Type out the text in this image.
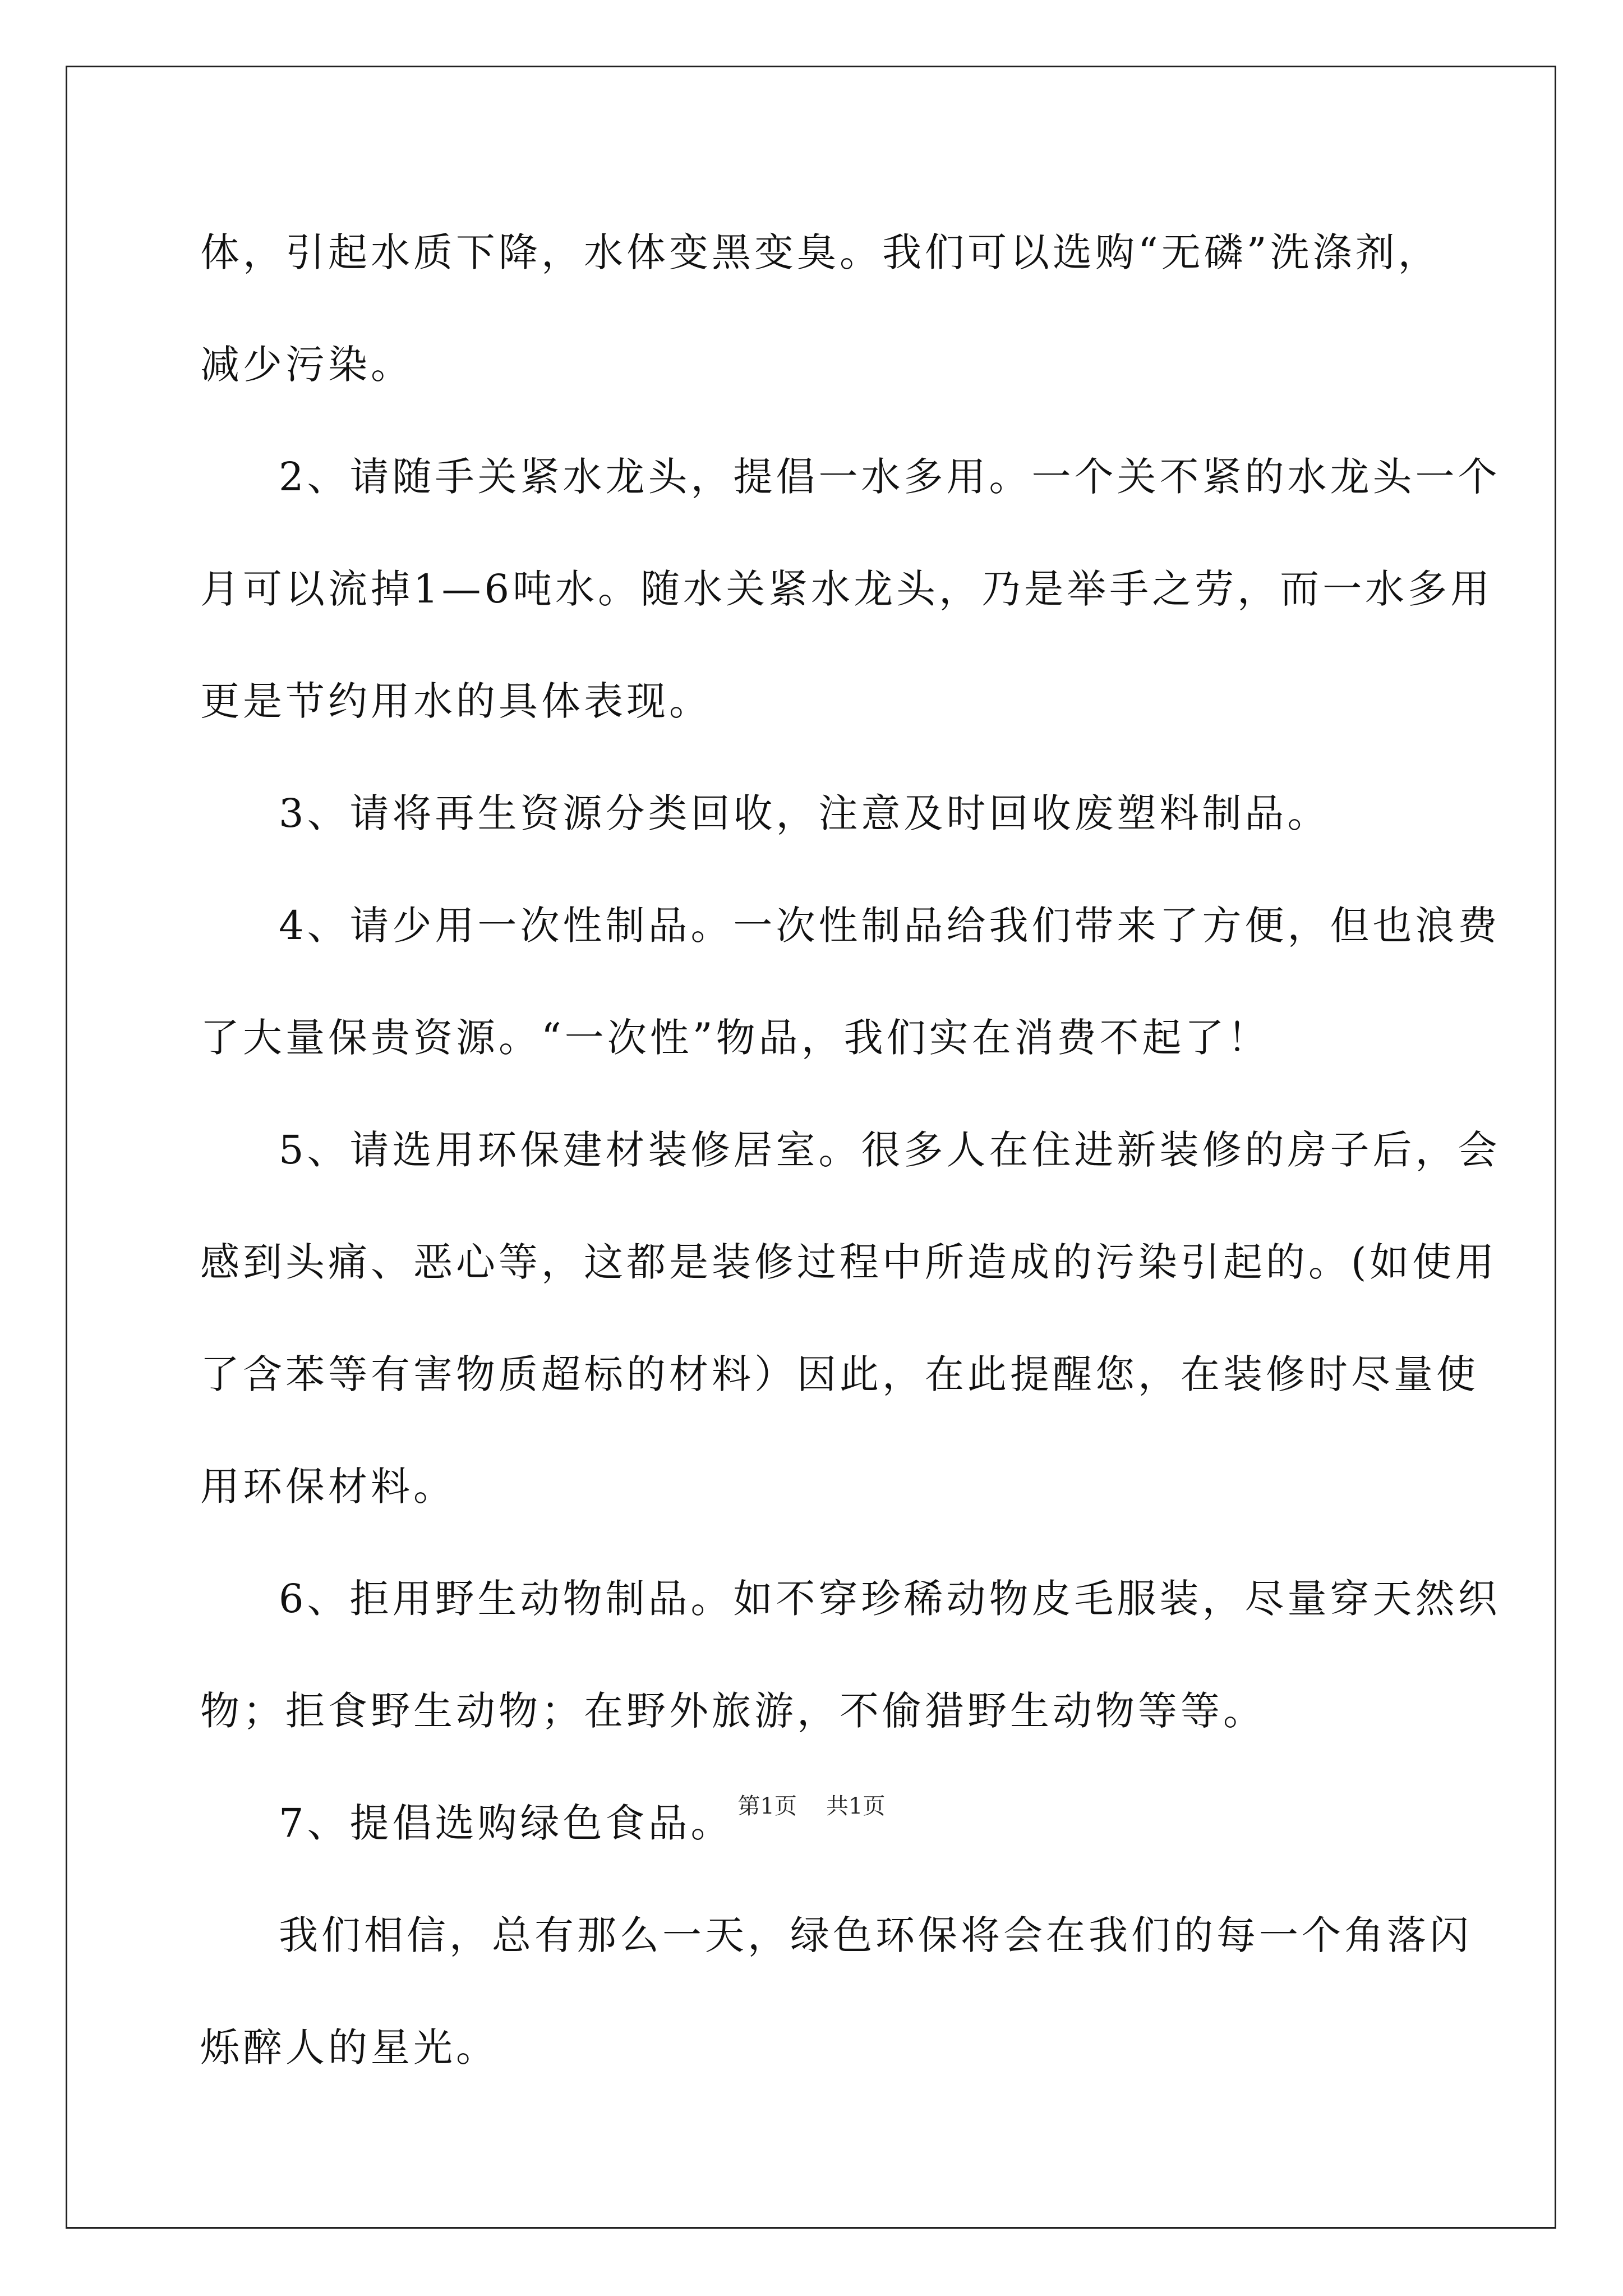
体，引起水质下降，水体变黑变臭。我们可以选购“无磷”洗涤剂，
减少污染。
2、请随手关紧水龙头，提倡一水多用。一个关不紧的水龙头一个
月可以流掉1—6吨水。随水关紧水龙头，乃是举手之劳，而一水多用
更是节约用水的具体表现。
3、请将再生资源分类回收，注意及时回收废塑料制品。
4、请少用一次性制品。一次性制品给我们带来了方便，但也浪费
了大量保贵资源。“一次性”物品，我们实在消费不起了！
5、请选用环保建材装修居室。很多人在住进新装修的房子后，会
感到头痛、恶心等，这都是装修过程中所造成的污染引起的。(如使用
了含苯等有害物质超标的材料）因此，在此提醒您，在装修时尽量使
用环保材料。
6、拒用野生动物制品。如不穿珍稀动物皮毛服装，尽量穿天然织
物；拒食野生动物；在野外旅游，不偷猎野生动物等等。
7、提倡选购绿色食品。
我们相信，总有那么一天，绿色环保将会在我们的每一个角落闪
烁醉人的星光。
第1页 共1页
